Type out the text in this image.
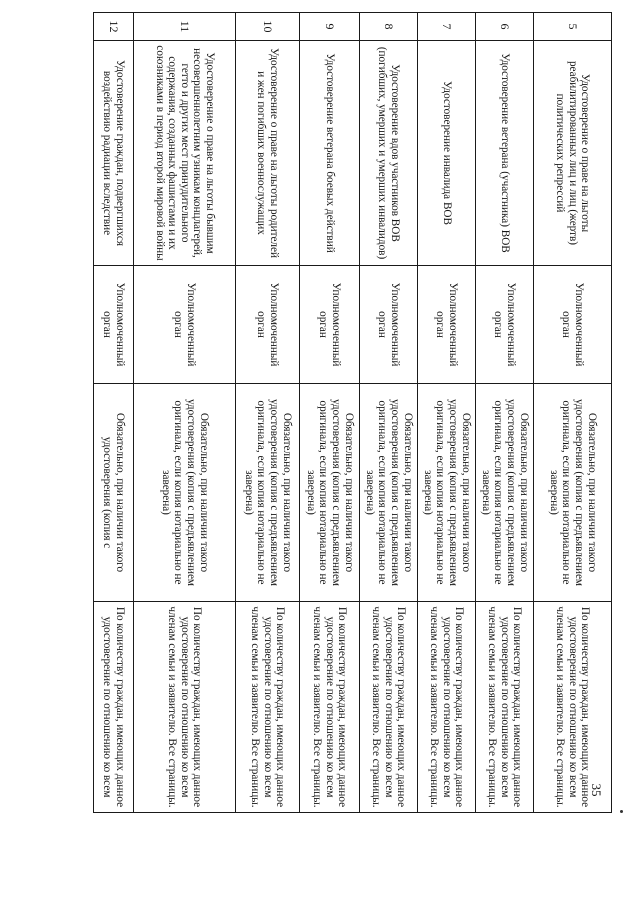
5	Удостоверение о праве на льготы реабилитированных лиц и лиц (жертв) политических репрессий	Уполномоченный орган	Обязательно, при наличии такого удостоверения (копия с предъявлением оригинала, если копия нотариально не заверена)	По количеству граждан, имеющих данное удостоверение по отношению ко всем членам семьи и заявителю. Все страницы.
6	Удостоверение ветерана (участника) ВОВ	Уполномоченный орган	Обязательно, при наличии такого удостоверения (копия с предъявлением оригинала, если копия нотариально не заверена)	По количеству граждан, имеющих данное удостоверение по отношению ко всем членам семьи и заявителю. Все страницы.
7	Удостоверение инвалида ВОВ	Уполномоченный орган	Обязательно, при наличии такого удостоверения (копия с предъявлением оригинала, если копия нотариально не заверена)	По количеству граждан, имеющих данное удостоверение по отношению ко всем членам семьи и заявителю. Все страницы.
8	Удостоверение вдов участников ВОВ (погибших, умерших и умерших инвалидов)	Уполномоченный орган	Обязательно, при наличии такого удостоверения (копия с предъявлением оригинала, если копия нотариально не заверена)	По количеству граждан, имеющих данное удостоверение по отношению ко всем членам семьи и заявителю. Все страницы.
9	Удостоверение ветерана боевых действий	Уполномоченный орган	Обязательно, при наличии такого удостоверения (копия с предъявлением оригинала, если копия нотариально не заверена)	По количеству граждан, имеющих данное удостоверение по отношению ко всем членам семьи и заявителю. Все страницы.
10	Удостоверение о праве на льготы родителей и жен погибших военнослужащих	Уполномоченный орган	Обязательно, при наличии такого удостоверения (копия с предъявлением оригинала, если копия нотариально не заверена)	По количеству граждан, имеющих данное удостоверение по отношению ко всем членам семьи и заявителю. Все страницы.
11	Удостоверение о праве на льготы бывшим несовершеннолетним узникам концлагерей, гетто и других мест принудительного содержания, созданных фашистами и их союзниками в период второй мировой войны	Уполномоченный орган	Обязательно, при наличии такого удостоверения (копия с предъявлением оригинала, если копия нотариально не заверена)	По количеству граждан, имеющих данное удостоверение по отношению ко всем членам семьи и заявителю. Все страницы.
12	Удостоверение граждан, подвергшихся воздействию радиации вследствие	Уполномоченный орган	Обязательно, при наличии такого удостоверения (копия с	По количеству граждан, имеющих данное удостоверение по отношению ко всем	35
